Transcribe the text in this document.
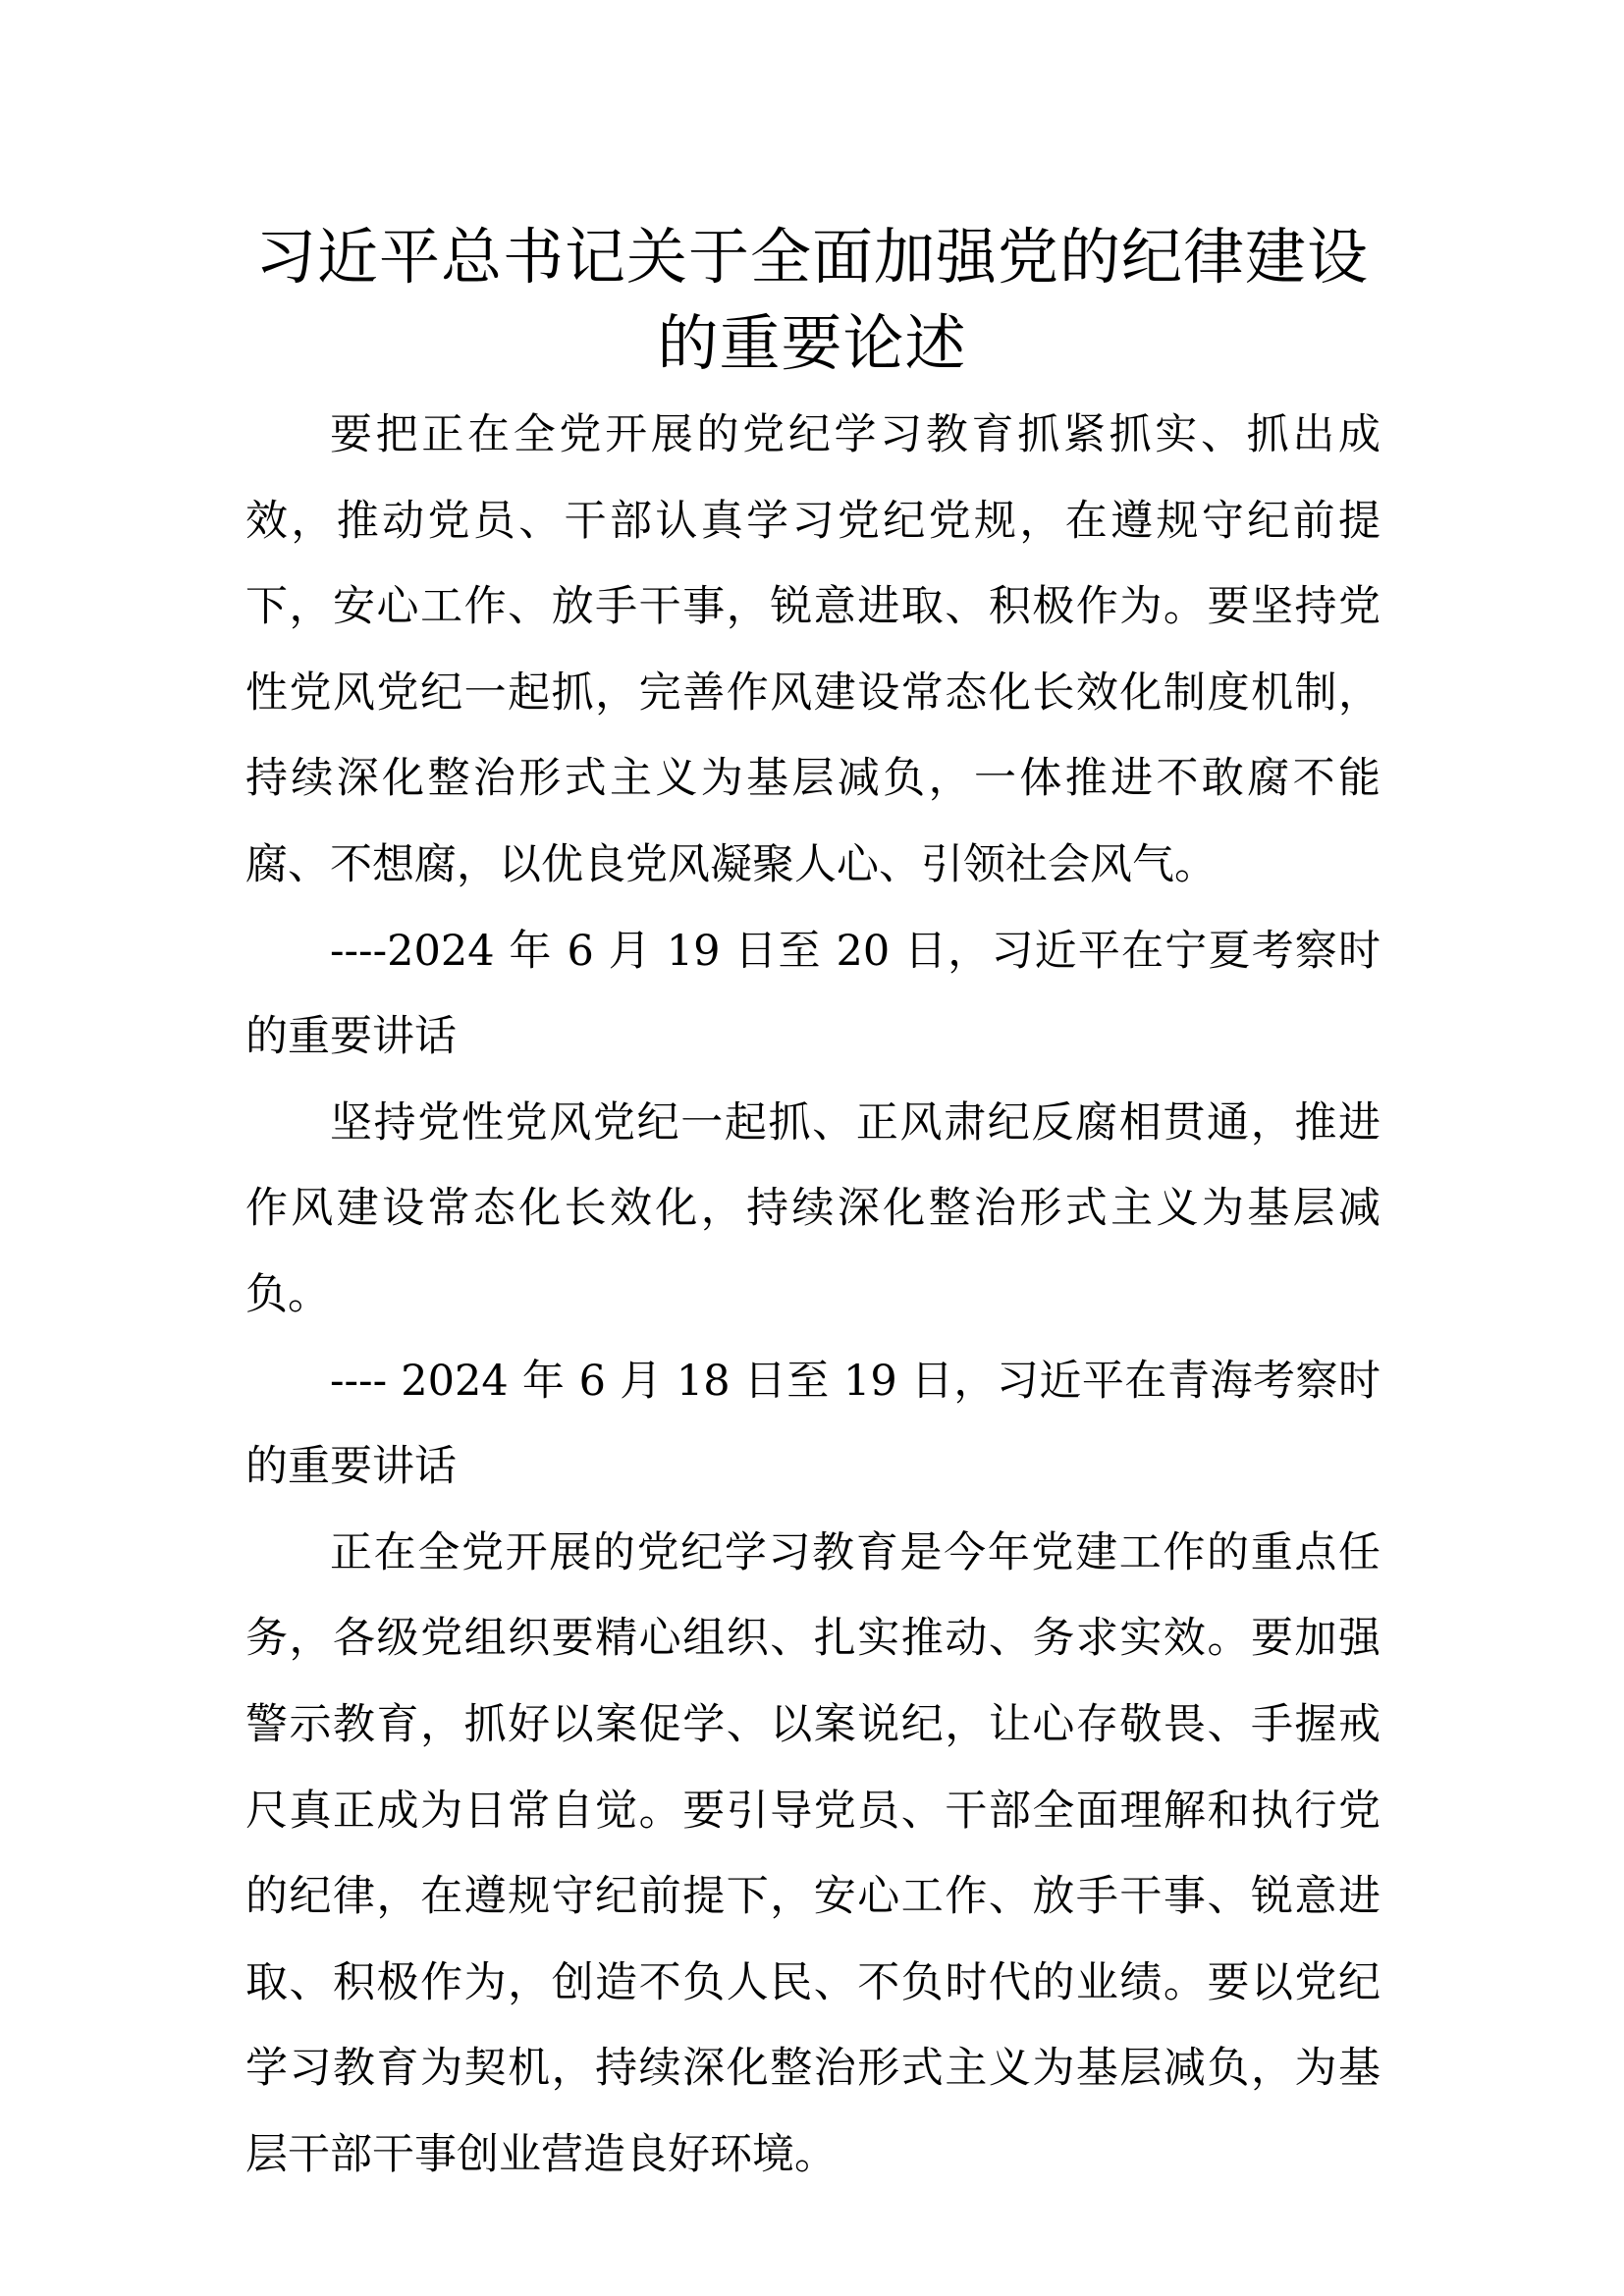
习近平总书记关于全面加强党的纪律建设
的重要论述

要把正在全党开展的党纪学习教育抓紧抓实、抓出成效，推动党员、干部认真学习党纪党规，在遵规守纪前提下，安心工作、放手干事，锐意进取、积极作为。要坚持党性党风党纪一起抓，完善作风建设常态化长效化制度机制，持续深化整治形式主义为基层减负，一体推进不敢腐不能腐、不想腐，以优良党风凝聚人心、引领社会风气。

----2024 年 6 月 19 日至 20 日，习近平在宁夏考察时的重要讲话

坚持党性党风党纪一起抓、正风肃纪反腐相贯通，推进作风建设常态化长效化，持续深化整治形式主义为基层减负。

---- 2024 年 6 月 18 日至 19 日，习近平在青海考察时的重要讲话

正在全党开展的党纪学习教育是今年党建工作的重点任务，各级党组织要精心组织、扎实推动、务求实效。要加强警示教育，抓好以案促学、以案说纪，让心存敬畏、手握戒尺真正成为日常自觉。要引导党员、干部全面理解和执行党的纪律，在遵规守纪前提下，安心工作、放手干事、锐意进取、积极作为，创造不负人民、不负时代的业绩。要以党纪学习教育为契机，持续深化整治形式主义为基层减负，为基层干部干事创业营造良好环境。
